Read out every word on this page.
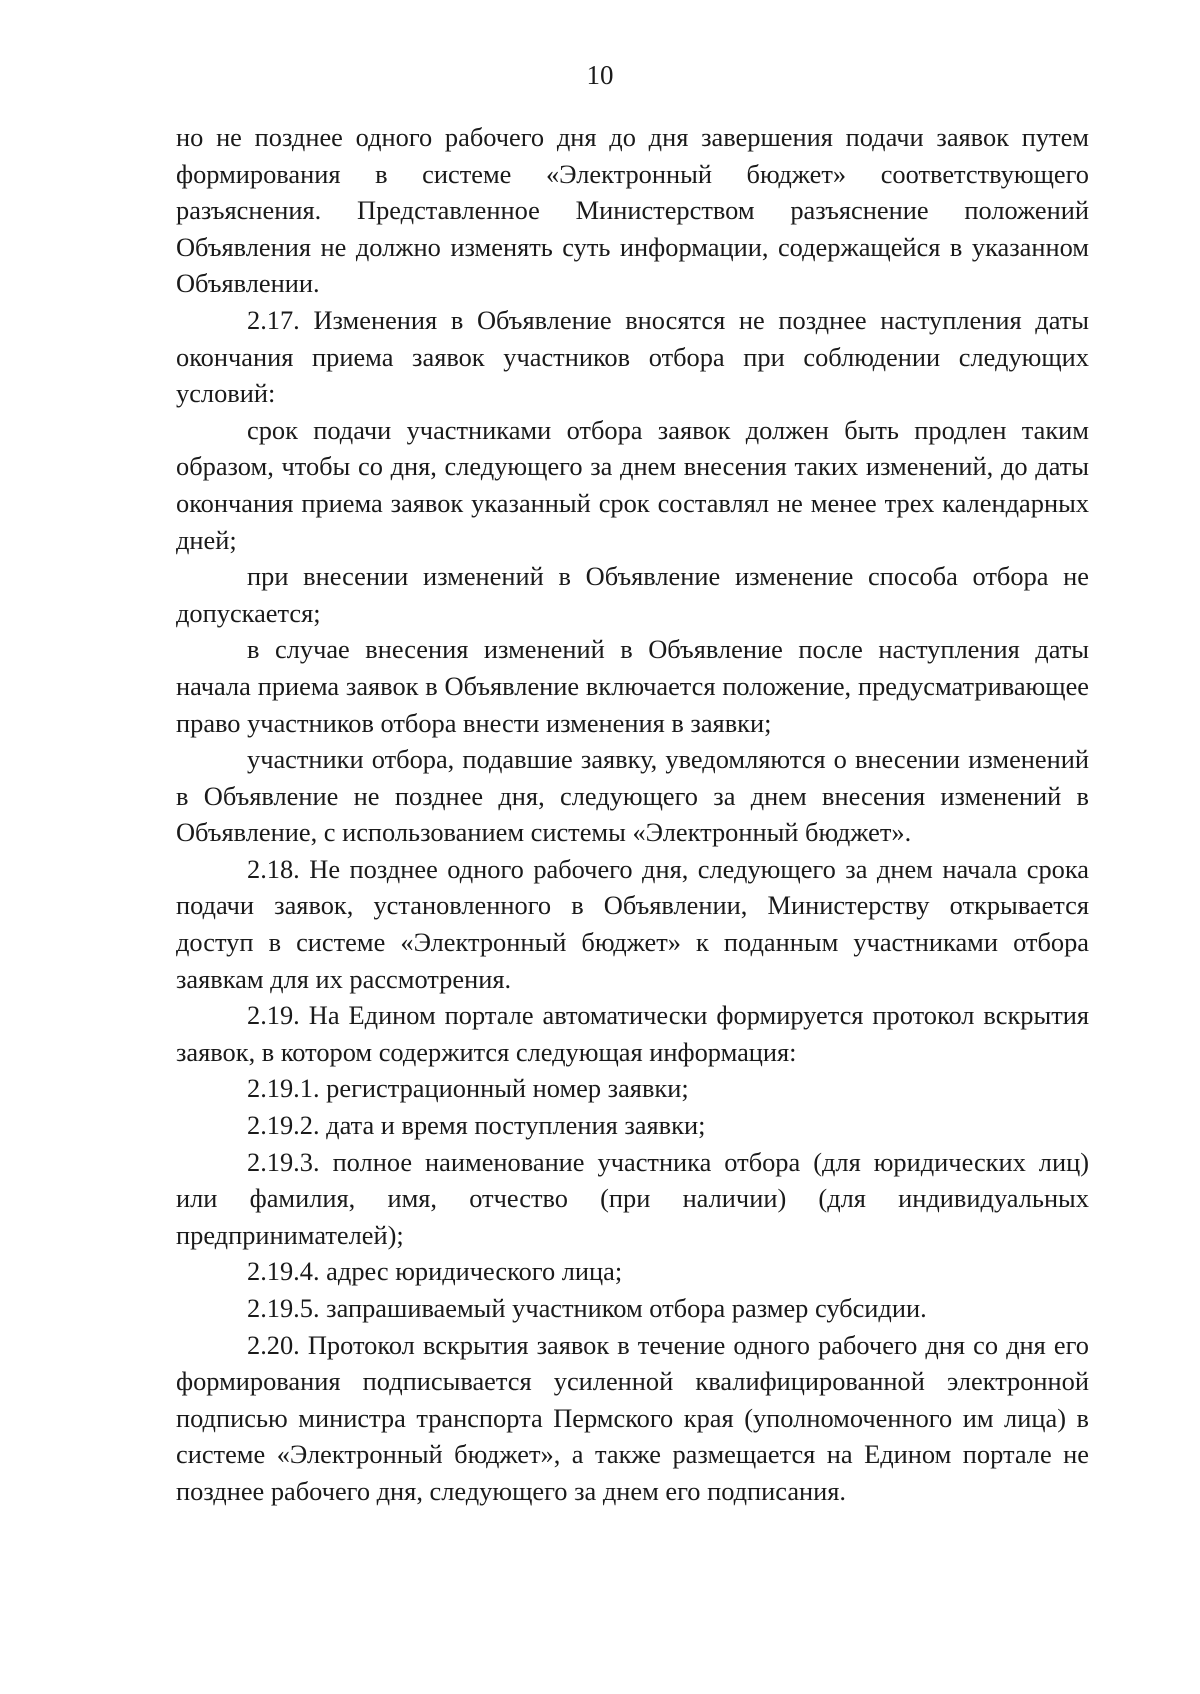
10

но не позднее одного рабочего дня до дня завершения подачи заявок путем формирования в системе «Электронный бюджет» соответствующего разъяснения. Представленное Министерством разъяснение положений Объявления не должно изменять суть информации, содержащейся в указанном Объявлении.

2.17. Изменения в Объявление вносятся не позднее наступления даты окончания приема заявок участников отбора при соблюдении следующих условий:

срок подачи участниками отбора заявок должен быть продлен таким образом, чтобы со дня, следующего за днем внесения таких изменений, до даты окончания приема заявок указанный срок составлял не менее трех календарных дней;

при внесении изменений в Объявление изменение способа отбора не допускается;

в случае внесения изменений в Объявление после наступления даты начала приема заявок в Объявление включается положение, предусматривающее право участников отбора внести изменения в заявки;

участники отбора, подавшие заявку, уведомляются о внесении изменений в Объявление не позднее дня, следующего за днем внесения изменений в Объявление, с использованием системы «Электронный бюджет».

2.18. Не позднее одного рабочего дня, следующего за днем начала срока подачи заявок, установленного в Объявлении, Министерству открывается доступ в системе «Электронный бюджет» к поданным участниками отбора заявкам для их рассмотрения.

2.19. На Едином портале автоматически формируется протокол вскрытия заявок, в котором содержится следующая информация:

2.19.1. регистрационный номер заявки;

2.19.2. дата и время поступления заявки;

2.19.3. полное наименование участника отбора (для юридических лиц) или фамилия, имя, отчество (при наличии) (для индивидуальных предпринимателей);

2.19.4. адрес юридического лица;

2.19.5. запрашиваемый участником отбора размер субсидии.

2.20. Протокол вскрытия заявок в течение одного рабочего дня со дня его формирования подписывается усиленной квалифицированной электронной подписью министра транспорта Пермского края (уполномоченного им лица) в системе «Электронный бюджет», а также размещается на Едином портале не позднее рабочего дня, следующего за днем его подписания.
